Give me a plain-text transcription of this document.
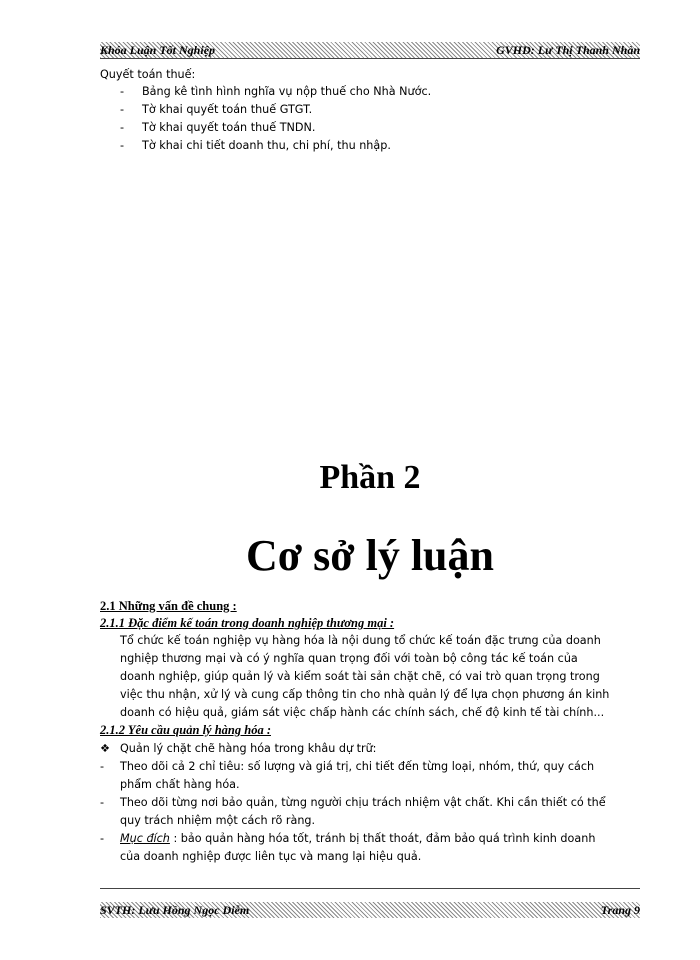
Khóa Luận Tốt Nghiệp	GVHD: Lư Thị Thanh Nhàn
Quyết toán thuế:
- Bảng kê tình hình nghĩa vụ nộp thuế cho Nhà Nước.
- Tờ khai quyết toán thuế GTGT.
- Tờ khai quyết toán thuế TNDN.
- Tờ khai chi tiết doanh thu, chi phí, thu nhập.
Phần 2
Cơ sở lý luận
2.1 Những vấn đề chung :
2.1.1 Đặc điểm kế toán trong doanh nghiệp thương mại :
Tổ chức kế toán nghiệp vụ hàng hóa là nội dung tổ chức kế toán đặc trưng của doanh
nghiệp thương mại và có ý nghĩa quan trọng đối với toàn bộ công tác kế toán của
doanh nghiệp, giúp quản lý và kiểm soát tài sản chặt chẽ, có vai trò quan trọng trong
việc thu nhận, xử lý và cung cấp thông tin cho nhà quản lý để lựa chọn phương án kinh
doanh có hiệu quả, giám sát việc chấp hành các chính sách, chế độ kinh tế tài chính...
2.1.2 Yêu cầu quản lý hàng hóa :
❖ Quản lý chặt chẽ hàng hóa trong khâu dự trữ:
- Theo dõi cả 2 chỉ tiêu: số lượng và giá trị, chi tiết đến từng loại, nhóm, thứ, quy cách
phẩm chất hàng hóa.
- Theo dõi từng nơi bảo quản, từng người chịu trách nhiệm vật chất. Khi cần thiết có thể
quy trách nhiệm một cách rõ ràng.
- Mục đích : bảo quản hàng hóa tốt, tránh bị thất thoát, đảm bảo quá trình kinh doanh
của doanh nghiệp được liên tục và mang lại hiệu quả.
SVTH: Lưu Hồng Ngọc Diễm	Trang 9
